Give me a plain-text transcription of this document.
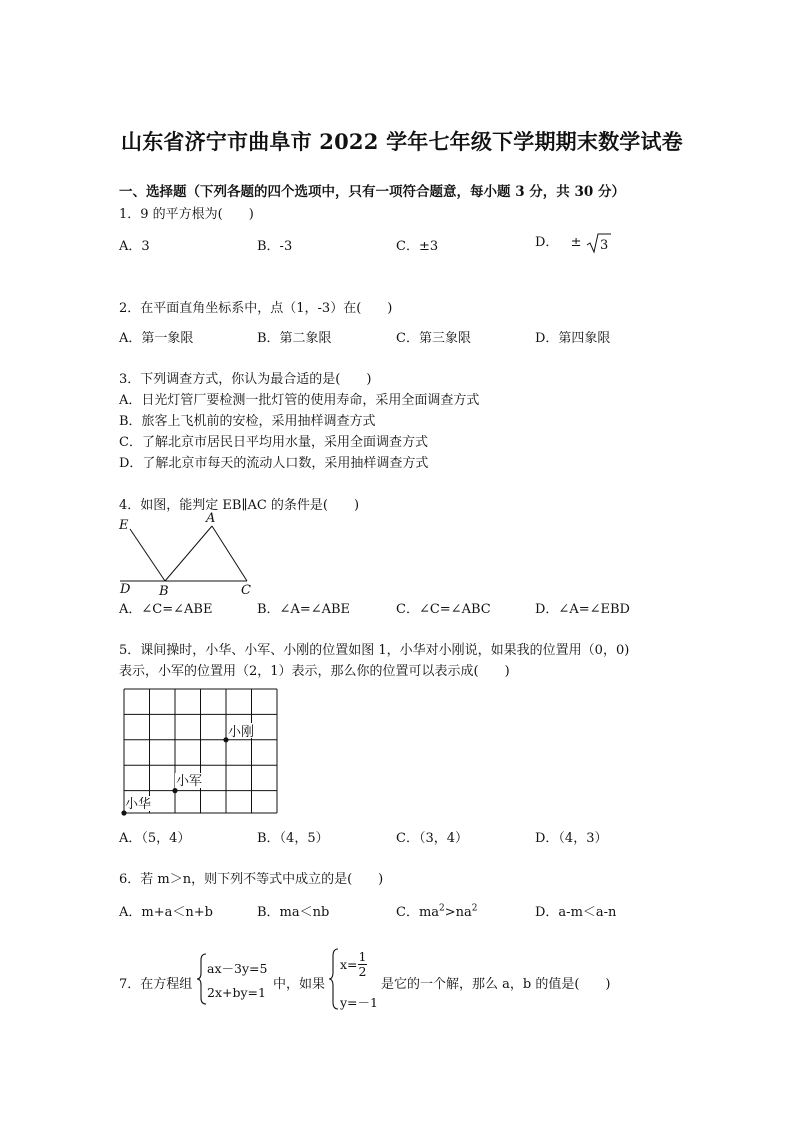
山东省济宁市曲阜市 2022 学年七年级下学期期末数学试卷
一、选择题（下列各题的四个选项中，只有一项符合题意，每小题 3 分，共 30 分）
1．9 的平方根为(　　)
A．3	B．-3	C．±3	D． ± 3
2．在平面直角坐标系中，点（1，-3）在(　　)
A．第一象限	B．第二象限	C．第三象限	D．第四象限
3．下列调查方式，你认为最合适的是(　　)
A．日光灯管厂要检测一批灯管的使用寿命，采用全面调查方式
B．旅客上飞机前的安检，采用抽样调查方式
C．了解北京市居民日平均用水量，采用全面调查方式
D．了解北京市每天的流动人口数，采用抽样调查方式
4．如图，能判定 EB∥AC 的条件是(　　)
E	A
D B	C
A．∠C=∠ABE	B．∠A=∠ABE	C．∠C=∠ABC	D．∠A=∠EBD
5．课间操时，小华、小军、小刚的位置如图 1，小华对小刚说，如果我的位置用（0，0)
表示，小军的位置用（2，1）表示，那么你的位置可以表示成(　　)
小刚
小军
小华
A．（5，4）	B．（4，5）	C．（3，4）	D．（4，3）
6．若 m＞n，则下列不等式中成立的是(　　)
A．m+a＜n+b	B．ma＜nb	C．$ma^2>na^2$	D．a-m＜a-n
7．在方程组
ax－3y=5
2x+by=1
中，如果
$x= \frac{1}{2}$
y=－1
是它的一个解，那么 a，b 的值是(　　)
